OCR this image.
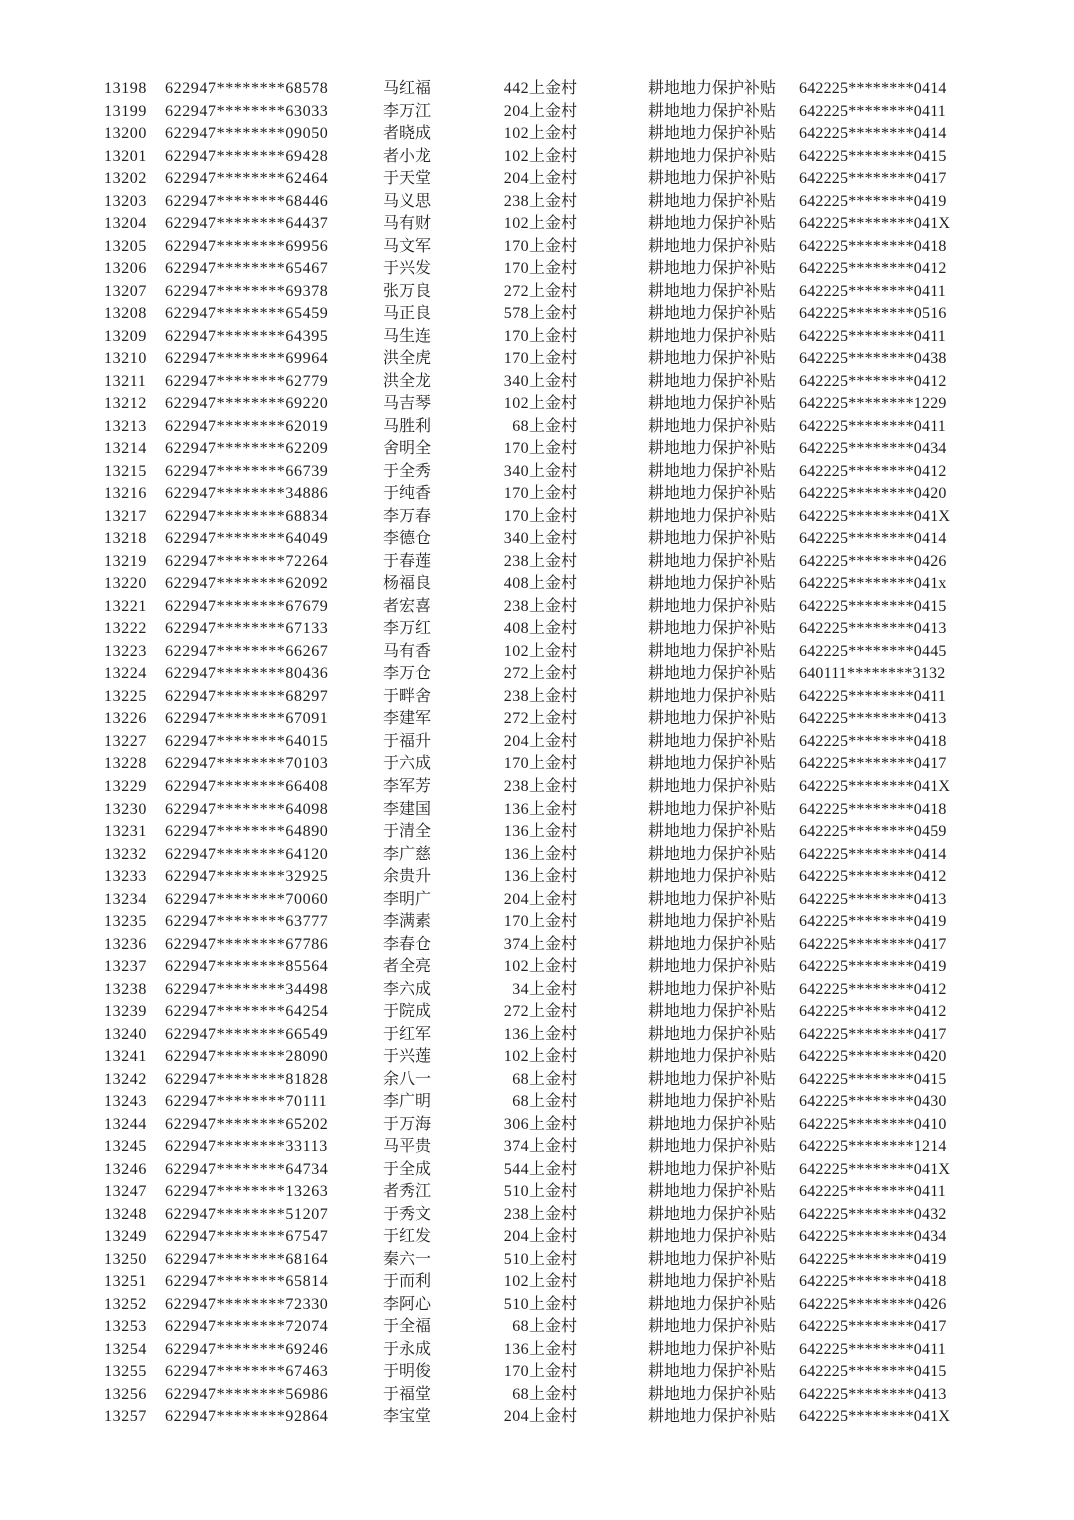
13198	622947********68578	马红福	442	上金村	耕地地力保护补贴	642225********0414
13199	622947********63033	李万江	204	上金村	耕地地力保护补贴	642225********0411
13200	622947********09050	者晓成	102	上金村	耕地地力保护补贴	642225********0414
13201	622947********69428	者小龙	102	上金村	耕地地力保护补贴	642225********0415
13202	622947********62464	于天堂	204	上金村	耕地地力保护补贴	642225********0417
13203	622947********68446	马义思	238	上金村	耕地地力保护补贴	642225********0419
13204	622947********64437	马有财	102	上金村	耕地地力保护补贴	642225********041X
13205	622947********69956	马文军	170	上金村	耕地地力保护补贴	642225********0418
13206	622947********65467	于兴发	170	上金村	耕地地力保护补贴	642225********0412
13207	622947********69378	张万良	272	上金村	耕地地力保护补贴	642225********0411
13208	622947********65459	马正良	578	上金村	耕地地力保护补贴	642225********0516
13209	622947********64395	马生连	170	上金村	耕地地力保护补贴	642225********0411
13210	622947********69964	洪全虎	170	上金村	耕地地力保护补贴	642225********0438
13211	622947********62779	洪全龙	340	上金村	耕地地力保护补贴	642225********0412
13212	622947********69220	马吉琴	102	上金村	耕地地力保护补贴	642225********1229
13213	622947********62019	马胜利	68	上金村	耕地地力保护补贴	642225********0411
13214	622947********62209	舍明全	170	上金村	耕地地力保护补贴	642225********0434
13215	622947********66739	于全秀	340	上金村	耕地地力保护补贴	642225********0412
13216	622947********34886	于纯香	170	上金村	耕地地力保护补贴	642225********0420
13217	622947********68834	李万春	170	上金村	耕地地力保护补贴	642225********041X
13218	622947********64049	李德仓	340	上金村	耕地地力保护补贴	642225********0414
13219	622947********72264	于春莲	238	上金村	耕地地力保护补贴	642225********0426
13220	622947********62092	杨福良	408	上金村	耕地地力保护补贴	642225********041x
13221	622947********67679	者宏喜	238	上金村	耕地地力保护补贴	642225********0415
13222	622947********67133	李万红	408	上金村	耕地地力保护补贴	642225********0413
13223	622947********66267	马有香	102	上金村	耕地地力保护补贴	642225********0445
13224	622947********80436	李万仓	272	上金村	耕地地力保护补贴	640111********3132
13225	622947********68297	于畔舍	238	上金村	耕地地力保护补贴	642225********0411
13226	622947********67091	李建军	272	上金村	耕地地力保护补贴	642225********0413
13227	622947********64015	于福升	204	上金村	耕地地力保护补贴	642225********0418
13228	622947********70103	于六成	170	上金村	耕地地力保护补贴	642225********0417
13229	622947********66408	李军芳	238	上金村	耕地地力保护补贴	642225********041X
13230	622947********64098	李建国	136	上金村	耕地地力保护补贴	642225********0418
13231	622947********64890	于清全	136	上金村	耕地地力保护补贴	642225********0459
13232	622947********64120	李广慈	136	上金村	耕地地力保护补贴	642225********0414
13233	622947********32925	余贵升	136	上金村	耕地地力保护补贴	642225********0412
13234	622947********70060	李明广	204	上金村	耕地地力保护补贴	642225********0413
13235	622947********63777	李满素	170	上金村	耕地地力保护补贴	642225********0419
13236	622947********67786	李春仓	374	上金村	耕地地力保护补贴	642225********0417
13237	622947********85564	者全亮	102	上金村	耕地地力保护补贴	642225********0419
13238	622947********34498	李六成	34	上金村	耕地地力保护补贴	642225********0412
13239	622947********64254	于院成	272	上金村	耕地地力保护补贴	642225********0412
13240	622947********66549	于红军	136	上金村	耕地地力保护补贴	642225********0417
13241	622947********28090	于兴莲	102	上金村	耕地地力保护补贴	642225********0420
13242	622947********81828	余八一	68	上金村	耕地地力保护补贴	642225********0415
13243	622947********70111	李广明	68	上金村	耕地地力保护补贴	642225********0430
13244	622947********65202	于万海	306	上金村	耕地地力保护补贴	642225********0410
13245	622947********33113	马平贵	374	上金村	耕地地力保护补贴	642225********1214
13246	622947********64734	于全成	544	上金村	耕地地力保护补贴	642225********041X
13247	622947********13263	者秀江	510	上金村	耕地地力保护补贴	642225********0411
13248	622947********51207	于秀文	238	上金村	耕地地力保护补贴	642225********0432
13249	622947********67547	于红发	204	上金村	耕地地力保护补贴	642225********0434
13250	622947********68164	秦六一	510	上金村	耕地地力保护补贴	642225********0419
13251	622947********65814	于而利	102	上金村	耕地地力保护补贴	642225********0418
13252	622947********72330	李阿心	510	上金村	耕地地力保护补贴	642225********0426
13253	622947********72074	于全福	68	上金村	耕地地力保护补贴	642225********0417
13254	622947********69246	于永成	136	上金村	耕地地力保护补贴	642225********0411
13255	622947********67463	于明俊	170	上金村	耕地地力保护补贴	642225********0415
13256	622947********56986	于福堂	68	上金村	耕地地力保护补贴	642225********0413
13257	622947********92864	李宝堂	204	上金村	耕地地力保护补贴	642225********041X
